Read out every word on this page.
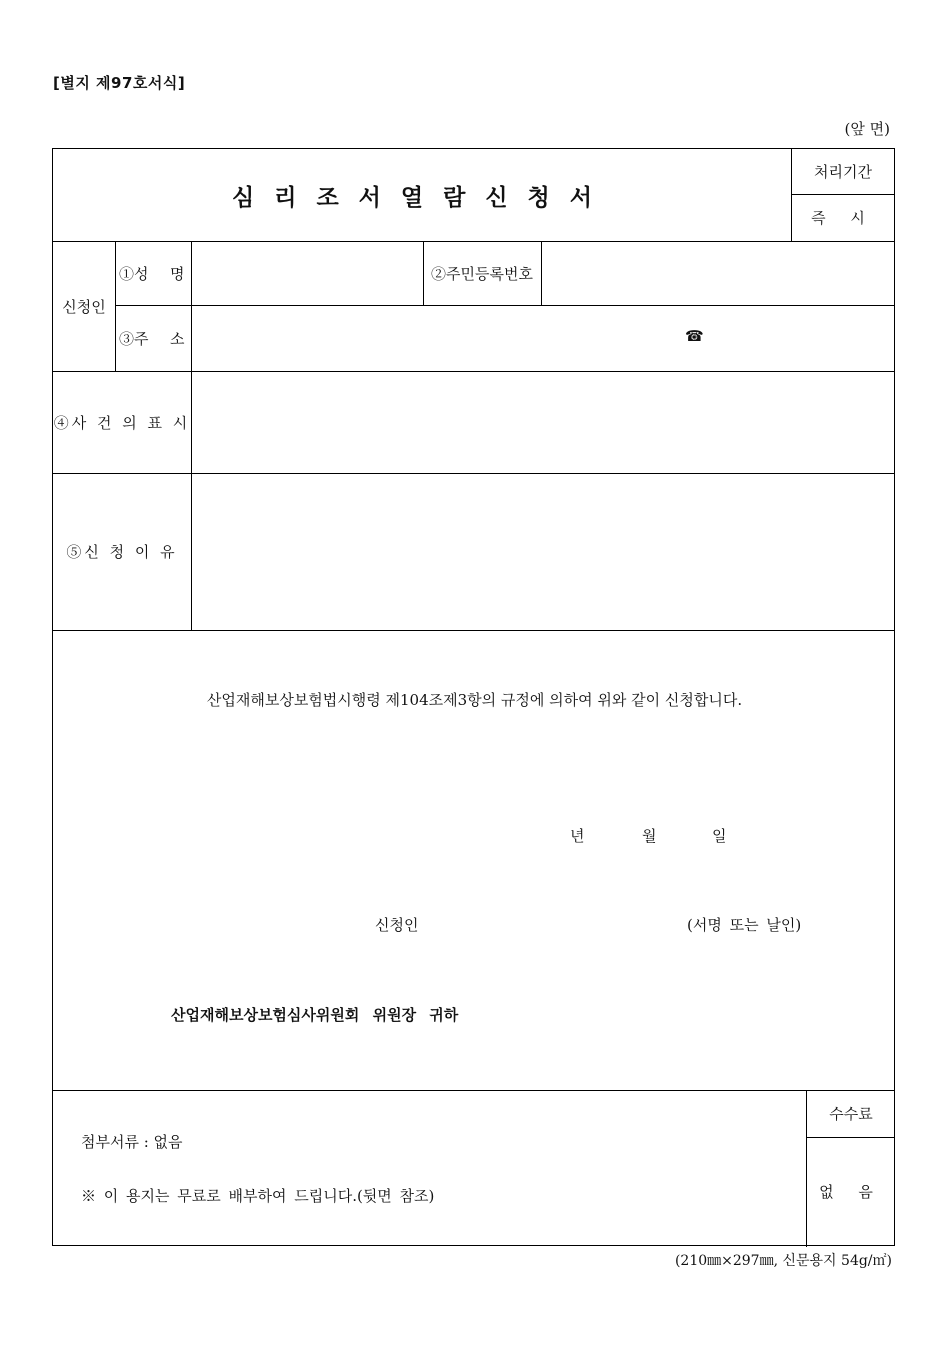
[별지 제97호서식]
(앞 면)
심리조서열람신청서
처리기간
즉 시
신청인
①성  명	②주민등록번호
③주  소	☎
④사 건 의 표 시
⑤신 청 이 유
산업재해보상보험법시행령 제104조제3항의 규정에 의하여 위와 같이 신청합니다.
년	월	일
신청인	(서명 또는 날인)
산업재해보상보험심사위원회 위원장 귀하
첨부서류 : 없음
※ 이 용지는 무료로 배부하여 드립니다.(뒷면 참조)
수수료
없 음
(210㎜×297㎜, 신문용지 54g/㎡)
